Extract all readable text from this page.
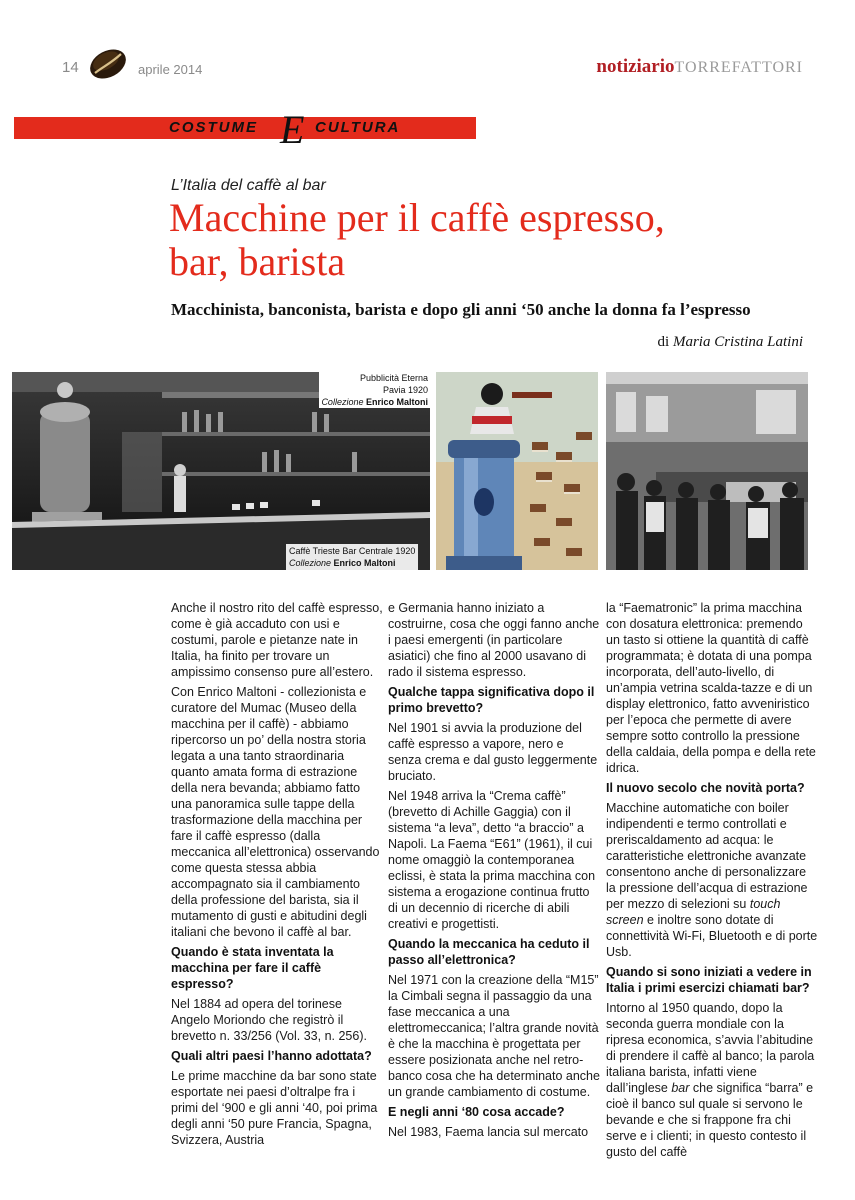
14	aprile 2014	notiziarioTORREFATTORI
COSTUME E CULTURA
L’Italia del caffè al bar
Macchine per il caffè espresso,
bar, barista
Macchinista, banconista, barista e dopo gli anni ‘50 anche la donna fa l’espresso
di Maria Cristina Latini
Pubblicità Eterna
Pavia 1920
Collezione Enrico Maltoni
Caffè Trieste Bar Centrale 1920
Collezione Enrico Maltoni

Anche il nostro rito del caffè espresso, come è già accaduto con usi e costumi, parole e pietanze nate in Italia, ha finito per trovare un ampissimo consenso pure all’estero.

Con Enrico Maltoni - collezionista e curatore del Mumac (Museo della macchina per il caffè) - abbiamo ripercorso un po’ della nostra storia legata a una tanto straordinaria quanto amata forma di estrazione della nera bevanda; abbiamo fatto una panoramica sulle tappe della trasformazione della macchina per fare il caffè espresso (dalla meccanica all’elettronica) osservando come questa stessa abbia accompagnato sia il cambiamento della professione del barista, sia il mutamento di gusti e abitudini degli italiani che bevono il caffè al bar.

Quando è stata inventata la macchina per fare il caffè espresso?

Nel 1884 ad opera del torinese Angelo Moriondo che registrò il brevetto n. 33/256 (Vol. 33, n. 256).

Quali altri paesi l’hanno adottata?

Le prime macchine da bar sono state esportate nei paesi d’oltralpe fra i primi del ‘900 e gli anni ‘40, poi prima degli anni ‘50 pure Francia, Spagna, Svizzera, Austria

e Germania hanno iniziato a costruirne, cosa che oggi fanno anche i paesi emergenti (in particolare asiatici) che fino al 2000 usavano di rado il sistema espresso.

Qualche tappa significativa dopo il primo brevetto?

Nel 1901 si avvia la produzione del caffè espresso a vapore, nero e senza crema e dal gusto leggermente bruciato.

Nel 1948 arriva la “Crema caffè” (brevetto di Achille Gaggia) con il sistema “a leva”, detto “a braccio” a Napoli. La Faema “E61” (1961), il cui nome omaggiò la contemporanea eclissi, è stata la prima macchina con sistema a erogazione continua frutto di un decennio di ricerche di abili creativi e progettisti.

Quando la meccanica ha ceduto il passo all’elettronica?

Nel 1971 con la creazione della “M15” la Cimbali segna il passaggio da una fase meccanica a una elettromeccanica; l’altra grande novità è che la macchina è progettata per essere posizionata anche nel retro-banco cosa che ha determinato anche un grande cambiamento di costume.

E negli anni ‘80 cosa accade?

Nel 1983, Faema lancia sul mercato

la “Faematronic” la prima macchina con dosatura elettronica: premendo un tasto si ottiene la quantità di caffè programmata; è dotata di una pompa incorporata, dell’auto-livello, di un’ampia vetrina scalda-tazze e di un display elettronico, fatto avveniristico per l’epoca che permette di avere sempre sotto controllo la pressione della caldaia, della pompa e della rete idrica.

Il nuovo secolo che novità porta?

Macchine automatiche con boiler indipendenti e termo controllati e preriscaldamento ad acqua: le caratteristiche elettroniche avanzate consentono anche di personalizzare la pressione dell’acqua di estrazione per mezzo di selezioni su touch screen e inoltre sono dotate di connettività Wi-Fi, Bluetooth e di porte Usb.

Quando si sono iniziati a vedere in Italia i primi esercizi chiamati bar?

Intorno al 1950 quando, dopo la seconda guerra mondiale con la ripresa economica, s’avvia l’abitudine di prendere il caffè al banco; la parola italiana barista, infatti viene dall’inglese bar che significa “barra” e cioè il banco sul quale si servono le bevande e che si frappone fra chi serve e i clienti; in questo contesto il gusto del caffè
